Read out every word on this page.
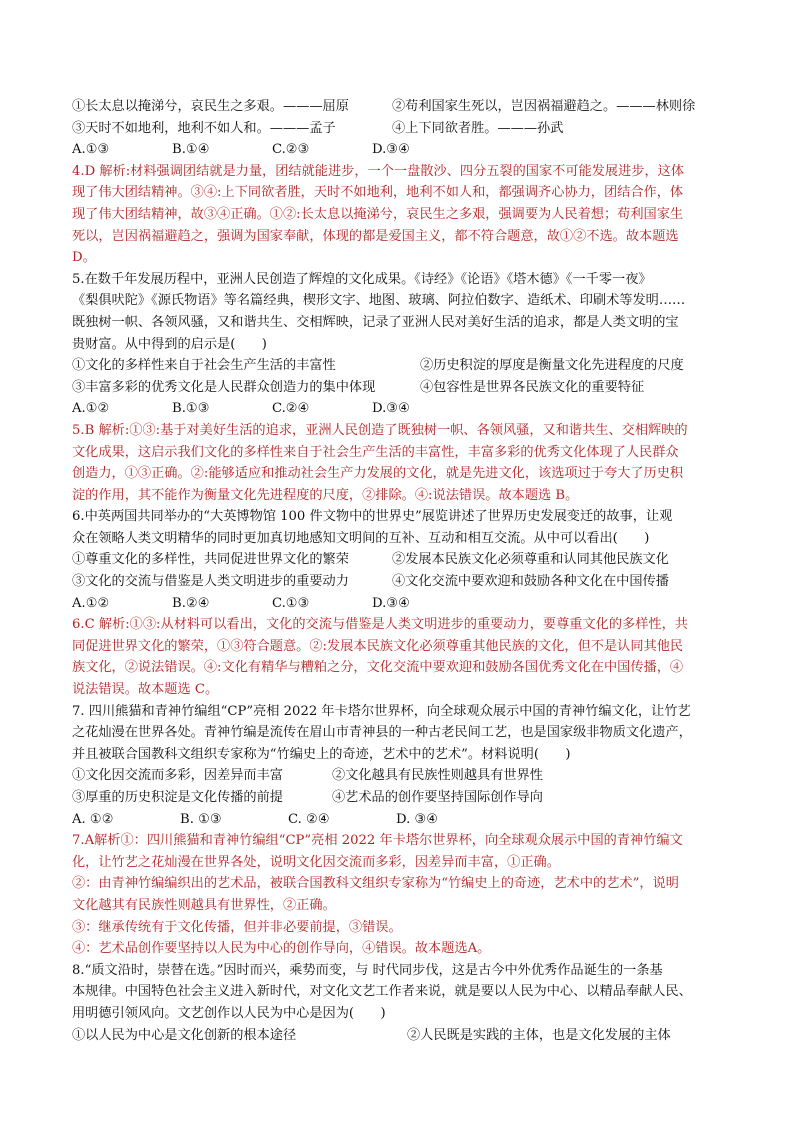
①长太息以掩涕兮，哀民生之多艰。———屈原	②苟利国家生死以，岂因祸福避趋之。———林则徐
③天时不如地利，地利不如人和。———孟子	④上下同欲者胜。———孙武
A.①③	B.①④	C.②③	D.③④
4.D 解析:材料强调团结就是力量，团结就能进步，一个一盘散沙、四分五裂的国家不可能发展进步，这体
现了伟大团结精神。③④:上下同欲者胜，天时不如地利，地利不如人和，都强调齐心协力，团结合作，体
现了伟大团结精神，故③④正确。①②:长太息以掩涕兮，哀民生之多艰，强调要为人民着想；苟利国家生
死以，岂因祸福避趋之，强调为国家奉献，体现的都是爱国主义，都不符合题意，故①②不选。故本题选
D。
5.在数千年发展历程中，亚洲人民创造了辉煌的文化成果。《诗经》《论语》《塔木德》《一千零一夜》
《梨俱吠陀》《源氏物语》等名篇经典，楔形文字、地图、玻璃、阿拉伯数字、造纸术、印刷术等发明……
既独树一帜、各领风骚，又和谐共生、交相辉映，记录了亚洲人民对美好生活的追求，都是人类文明的宝
贵财富。从中得到的启示是(　　)
①文化的多样性来自于社会生产生活的丰富性	②历史积淀的厚度是衡量文化先进程度的尺度
③丰富多彩的优秀文化是人民群众创造力的集中体现	④包容性是世界各民族文化的重要特征
A.①②	B.①③	C.②④	D.③④
5.B 解析:①③:基于对美好生活的追求，亚洲人民创造了既独树一帜、各领风骚，又和谐共生、交相辉映的
文化成果，这启示我们文化的多样性来自于社会生产生活的丰富性，丰富多彩的优秀文化体现了人民群众
创造力，①③正确。②:能够适应和推动社会生产力发展的文化，就是先进文化，该选项过于夸大了历史积
淀的作用，其不能作为衡量文化先进程度的尺度，②排除。④:说法错误。故本题选 B。
6.中英两国共同举办的“大英博物馆 100 件文物中的世界史”展览讲述了世界历史发展变迁的故事，让观
众在领略人类文明精华的同时更加真切地感知文明间的互补、互动和相互交流。从中可以看出(　　)
①尊重文化的多样性，共同促进世界文化的繁荣	②发展本民族文化必须尊重和认同其他民族文化
③文化的交流与借鉴是人类文明进步的重要动力	④文化交流中要欢迎和鼓励各种文化在中国传播
A.①②	B.②④	C.①③	D.③④
6.C 解析:①③:从材料可以看出，文化的交流与借鉴是人类文明进步的重要动力，要尊重文化的多样性，共
同促进世界文化的繁荣，①③符合题意。②:发展本民族文化必须尊重其他民族的文化，但不是认同其他民
族文化，②说法错误。④:文化有精华与糟粕之分，文化交流中要欢迎和鼓励各国优秀文化在中国传播，④
说法错误。故本题选 C。
7. 四川熊猫和青神竹编组“CP”亮相 2022 年卡塔尔世界杯，向全球观众展示中国的青神竹编文化，让竹艺
之花灿漫在世界各处。青神竹编是流传在眉山市青神县的一种古老民间工艺，也是国家级非物质文化遗产，
并且被联合国教科文组织专家称为“竹编史上的奇迹，艺术中的艺术”。材料说明(　　)
①文化因交流而多彩，因差异而丰富	②文化越具有民族性则越具有世界性
③厚重的历史积淀是文化传播的前提	④艺术品的创作要坚持国际创作导向
A. ①②	B. ①③	C. ②④	D. ③④
7.A解析①：四川熊猫和青神竹编组“CP”亮相 2022 年卡塔尔世界杯，向全球观众展示中国的青神竹编文
化，让竹艺之花灿漫在世界各处，说明文化因交流而多彩，因差异而丰富，①正确。
②：由青神竹编编织出的艺术品，被联合国教科文组织专家称为“竹编史上的奇迹，艺术中的艺术”，说明
文化越其有民族性则越具有世界性，②正确。
③：继承传统有于文化传播，但并非必要前提，③错误。
④：艺术品创作要坚持以人民为中心的创作导向，④错误。故本题选A。
8.“质文沿时，崇替在选。”因时而兴，乘势而变，与 时代同步伐，这是古今中外优秀作品诞生的一条基
本规律。中国特色社会主义进入新时代，对文化文艺工作者来说，就是要以人民为中心、以精品奉献人民、
用明德引领风向。文艺创作以人民为中心是因为(　　)
①以人民为中心是文化创新的根本途径	②人民既是实践的主体，也是文化发展的主体
